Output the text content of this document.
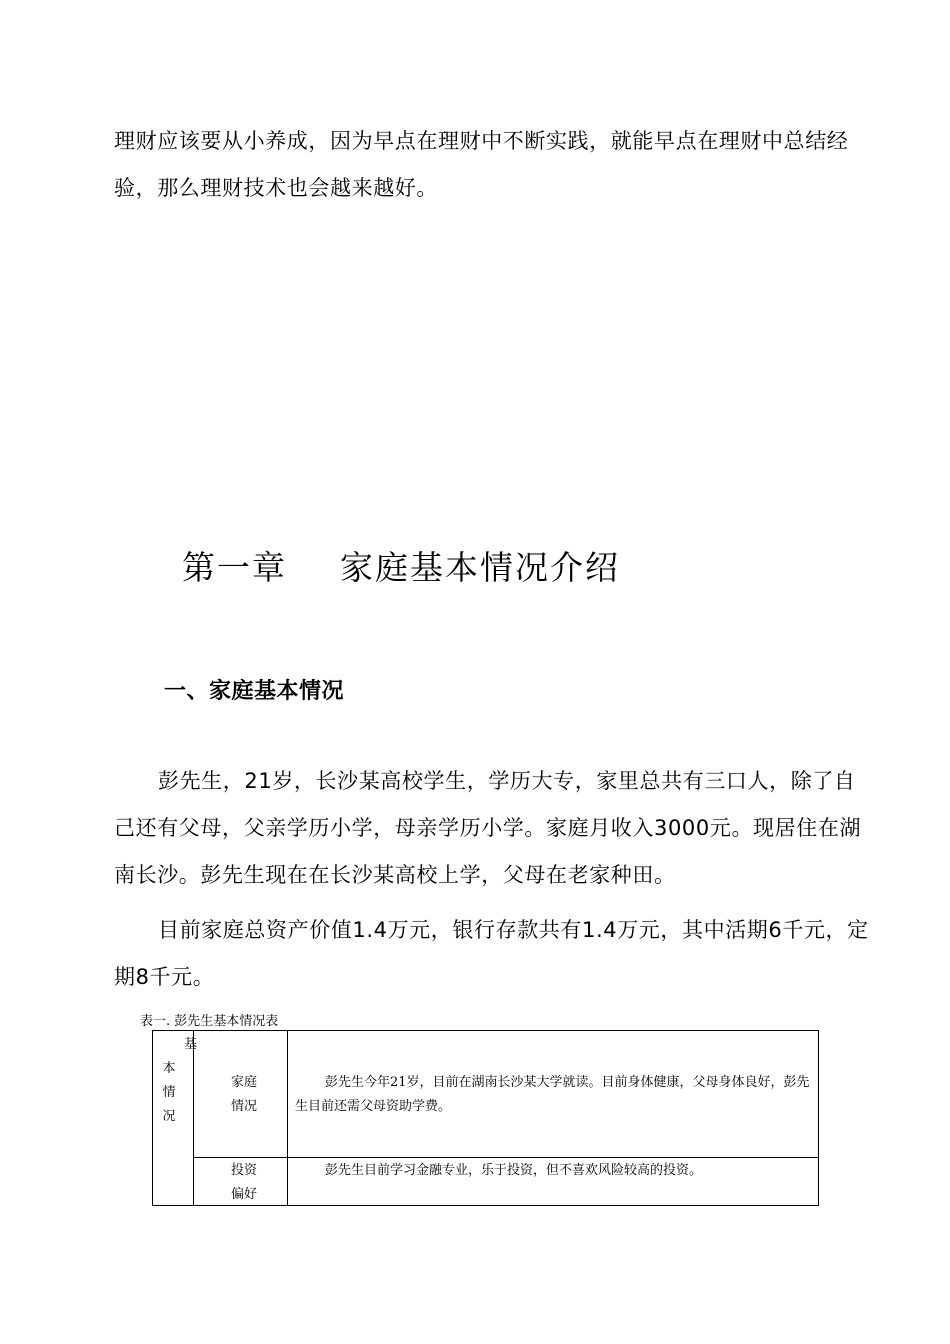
理财应该要从小养成，因为早点在理财中不断实践，就能早点在理财中总结经验，那么理财技术也会越来越好。

第一章 家庭基本情况介绍
一、家庭基本情况

彭先生，21岁，长沙某高校学生，学历大专，家里总共有三口人，除了自己还有父母，父亲学历小学，母亲学历小学。家庭月收入3000元。现居住在湖南长沙。彭先生现在在长沙某高校上学，父母在老家种田。

目前家庭总资产价值1.4万元，银行存款共有1.4万元，其中活期6千元，定期8千元。

表一. 彭先生基本情况表
基
本
情
况
家庭
情况
彭先生今年21岁，目前在湖南长沙某大学就读。目前身体健康，父母身体良好，彭先生目前还需父母资助学费。
投资
偏好
彭先生目前学习金融专业，乐于投资，但不喜欢风险较高的投资。
